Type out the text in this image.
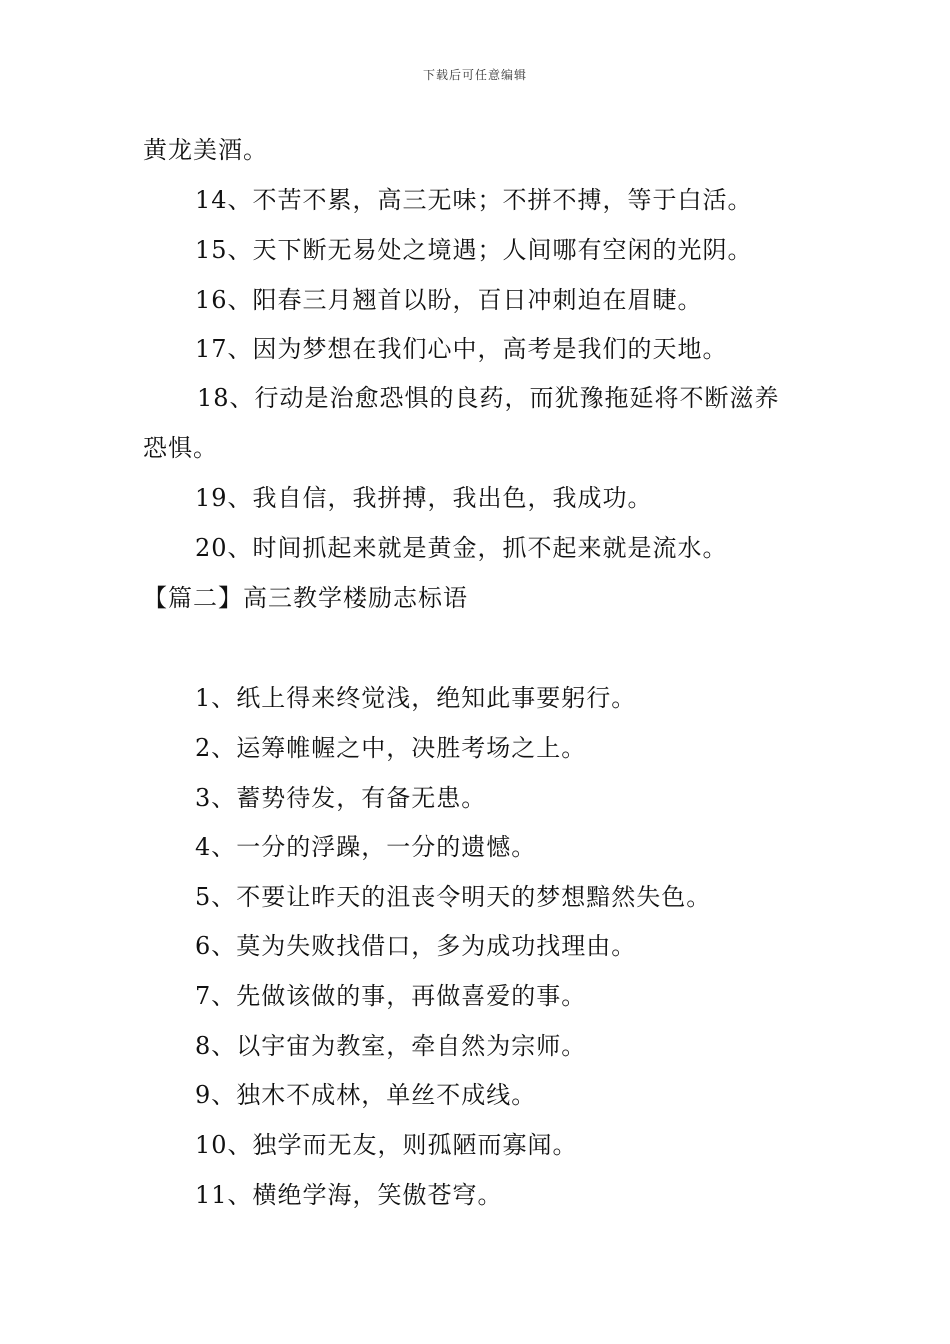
下载后可任意编辑
黄龙美酒。
14、不苦不累，高三无味；不拼不搏，等于白活。
15、天下断无易处之境遇；人间哪有空闲的光阴。
16、阳春三月翘首以盼，百日冲刺迫在眉睫。
17、因为梦想在我们心中，高考是我们的天地。
18、行动是治愈恐惧的良药，而犹豫拖延将不断滋养
恐惧。
19、我自信，我拼搏，我出色，我成功。
20、时间抓起来就是黄金，抓不起来就是流水。
【篇二】高三教学楼励志标语
1、纸上得来终觉浅，绝知此事要躬行。
2、运筹帷幄之中，决胜考场之上。
3、蓄势待发，有备无患。
4、一分的浮躁，一分的遗憾。
5、不要让昨天的沮丧令明天的梦想黯然失色。
6、莫为失败找借口，多为成功找理由。
7、先做该做的事，再做喜爱的事。
8、以宇宙为教室，牵自然为宗师。
9、独木不成林，单丝不成线。
10、独学而无友，则孤陋而寡闻。
11、横绝学海，笑傲苍穹。
